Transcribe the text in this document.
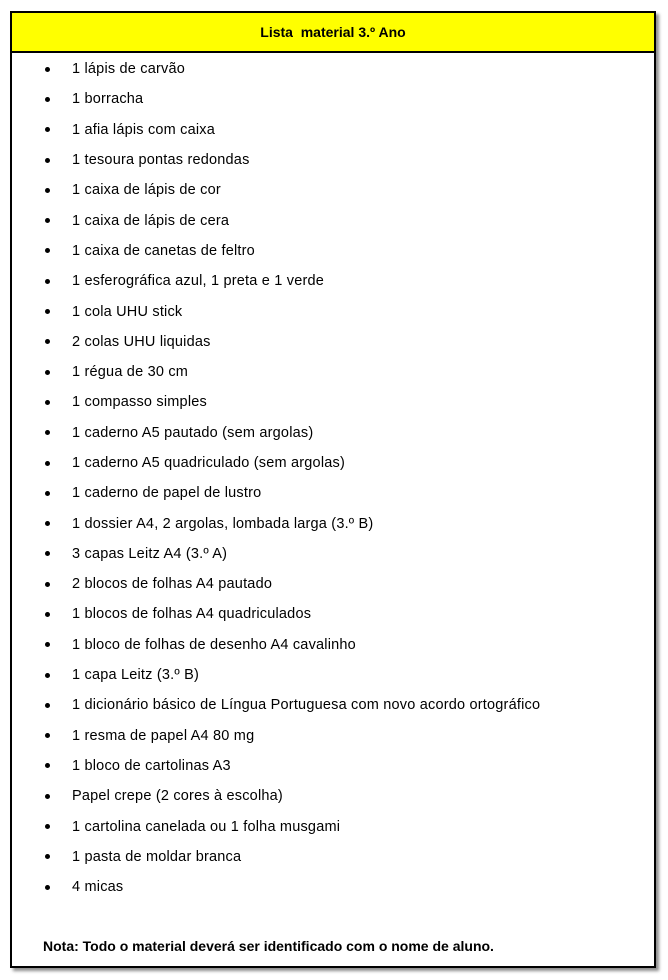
Lista  material 3.º Ano
1 lápis de carvão
1 borracha
1 afia lápis com caixa
1 tesoura pontas redondas
1 caixa de lápis de cor
1 caixa de lápis de cera
1 caixa de canetas de feltro
1 esferográfica azul, 1 preta e 1 verde
1 cola UHU stick
2 colas UHU liquidas
1 régua de 30 cm
1 compasso simples
1 caderno A5 pautado (sem argolas)
1 caderno A5 quadriculado (sem argolas)
1 caderno de papel de lustro
1 dossier A4, 2 argolas, lombada larga (3.º B)
3 capas Leitz A4 (3.º A)
2 blocos de folhas A4 pautado
1 blocos de folhas A4 quadriculados
1 bloco de folhas de desenho A4 cavalinho
1 capa Leitz (3.º B)
1 dicionário básico de Língua Portuguesa com novo acordo ortográfico
1 resma de papel A4 80 mg
1 bloco de cartolinas A3
Papel crepe (2 cores à escolha)
1 cartolina canelada ou 1 folha musgami
1 pasta de moldar branca
4 micas
Nota: Todo o material deverá ser identificado com o nome de aluno.
